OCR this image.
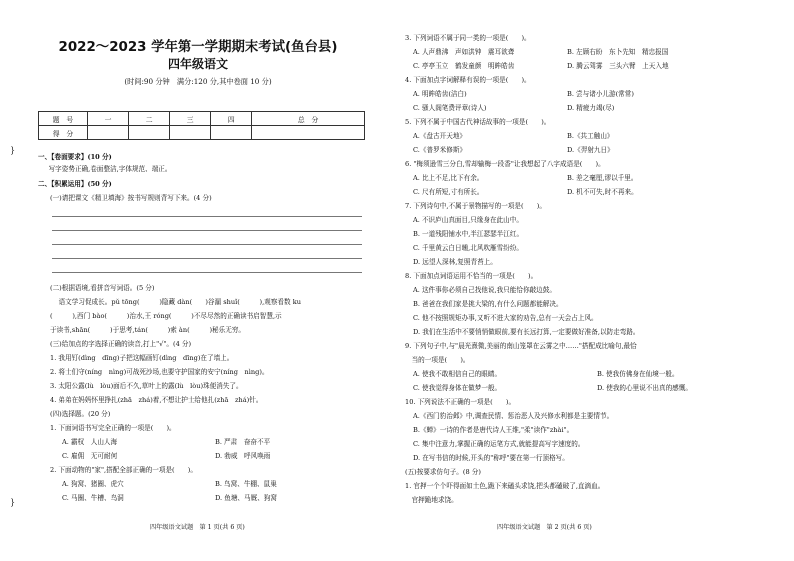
2022～2023 学年第一学期期末考试(鱼台县)
四年级语文
(时间:90 分钟　满分:120 分,其中卷面 10 分)
题　号	一	二	三	四	总　分
得　分					
}
一、【卷面要求】(10 分)
　写字姿势正确,卷面整洁,字体规范、端正。
二、【积累运用】(50 分)
(一)请把课文《精卫填海》按书写规则背写下来。(4 分)
(二)根据语境,看拼音写词语。(5 分)
　语文学习促成长。pǔ tōng(　　　)隐藏 dàn(　　)谷漏 shuǐ(　　　),观察看数 ku
(　　　),西门 bào(　　　)治水,王 róng(　　　)不尽尽然的正确读书启智慧,示
于读书,shān(　　　)于思考,tán(　　　)索 àn(　　　)秘乐无穷。
(三)给加点的字选择正确的读音,打上"√"。(4 分)
1. 我用钉(dìng　dīng)子把这幅画钉(dìng　dīng)在了墙上。
2. 将士们守(níng　nìng)可战死沙场,也要守护国家的安宁(níng　nìng)。
3. 太阳公露(lù　lòu)面后不久,草叶上的露(lù　lòu)珠便消失了。
4. 弟弟在妈妈怀里挣扎(zhā　zhá)着,不想让护士给他扎(zhā　zhá)针。
(四)选择题。(20 分)
1. 下面词语书写完全正确的一项是(　　)。
A. 霸权　人山人海	B. 严肃　奋奋不平
C. 雇佣　无可耐何	D. 勃威　呼风唤雨
2. 下面动物的"家",搭配全部正确的一项是(　　)。
A. 狗窝、猪圈、虎穴	B. 鸟窝、牛棚、鼠巢
C. 马圈、牛槽、鸟洞	D. 鱼塘、马厩、狗窝
}
四年级语文试题　第 1 页(共 6 页)
3. 下列词语不属于同一类的一项是(　　)。
A. 人声鼎沸　声如洪钟　震耳欲聋	B. 左顾右盼　东卜先知　精忠报国
C. 亭亭玉立　鹤发童颜　明眸皓齿	D. 腾云驾雾　三头六臂　上天入地
4. 下面加点字词解释有误的一项是(　　)。
A. 明眸皓齿(洁白)	B. 尝与诸小儿游(常常)
C. 骚人阁笔费评章(诗人)	D. 精疲力竭(尽)
5. 下列不属于中国古代神话故事的一项是(　　)。
A.《盘古开天地》	B.《共工触山》
C.《普罗米修斯》	D.《羿射九日》
6. "梅须逊雪三分白,雪却输梅一段香"让我想起了八字成语是(　　)。
A. 比上不足,比下有余。	B. 差之毫厘,谬以千里。
C. 尺有所短,寸有所长。	D. 机不可失,时不再来。
7. 下列诗句中,不属于景物描写的一项是(　　)。
A. 不识庐山真面目,只缘身在此山中。
B. 一道残阳铺水中,半江瑟瑟半江红。
C. 千里黄云白日曛,北风吹雁雪纷纷。
D. 远望人深林,复照青苔上。
8. 下面加点词语运用不恰当的一项是(　　)。
A. 这件事你必须自己找他说,我只能恰你敲边鼓。
B. 爸爸在我们家是挑大梁的,有什么问题都能解决。
C. 他不按照规矩办事,又听不进大家的劝告,总有一天会占上风。
D. 我们在生活中不要悄悄做眼前,要有长远打算,一定要做好准备,以防走弯路。
9. 下列句子中,与"晨光熹微,美丽的南山笼罩在云雾之中……"搭配成比喻句,最恰
　当的一项是(　　)。
A. 使我不敢相信自己的眼睛。	B. 使我仿佛身在仙境一般。
C. 使我觉得身体在做梦一般。	D. 使我的心里说不出真的感慨。
10. 下列说法不正确的一项是(　　)。
A.《西门豹治邺》中,调查民情、惩治恶人及兴修水利都是主要情节。
B.《蝉》一诗的作者是唐代诗人王维,"柔"读作"zhài"。
C. 集中注意力,掌握正确的运笔方式,就能提高写字速度的。
D. 在写书信的时候,开头的"称呼"要在第一行顶格写。
(五)按要求仿句子。(8 分)
1. 官押一个个吓得面如土色,跪下来磕头求饶,把头都磕破了,直滴血。
　官押跪地求饶。
四年级语文试题　第 2 页(共 6 页)
